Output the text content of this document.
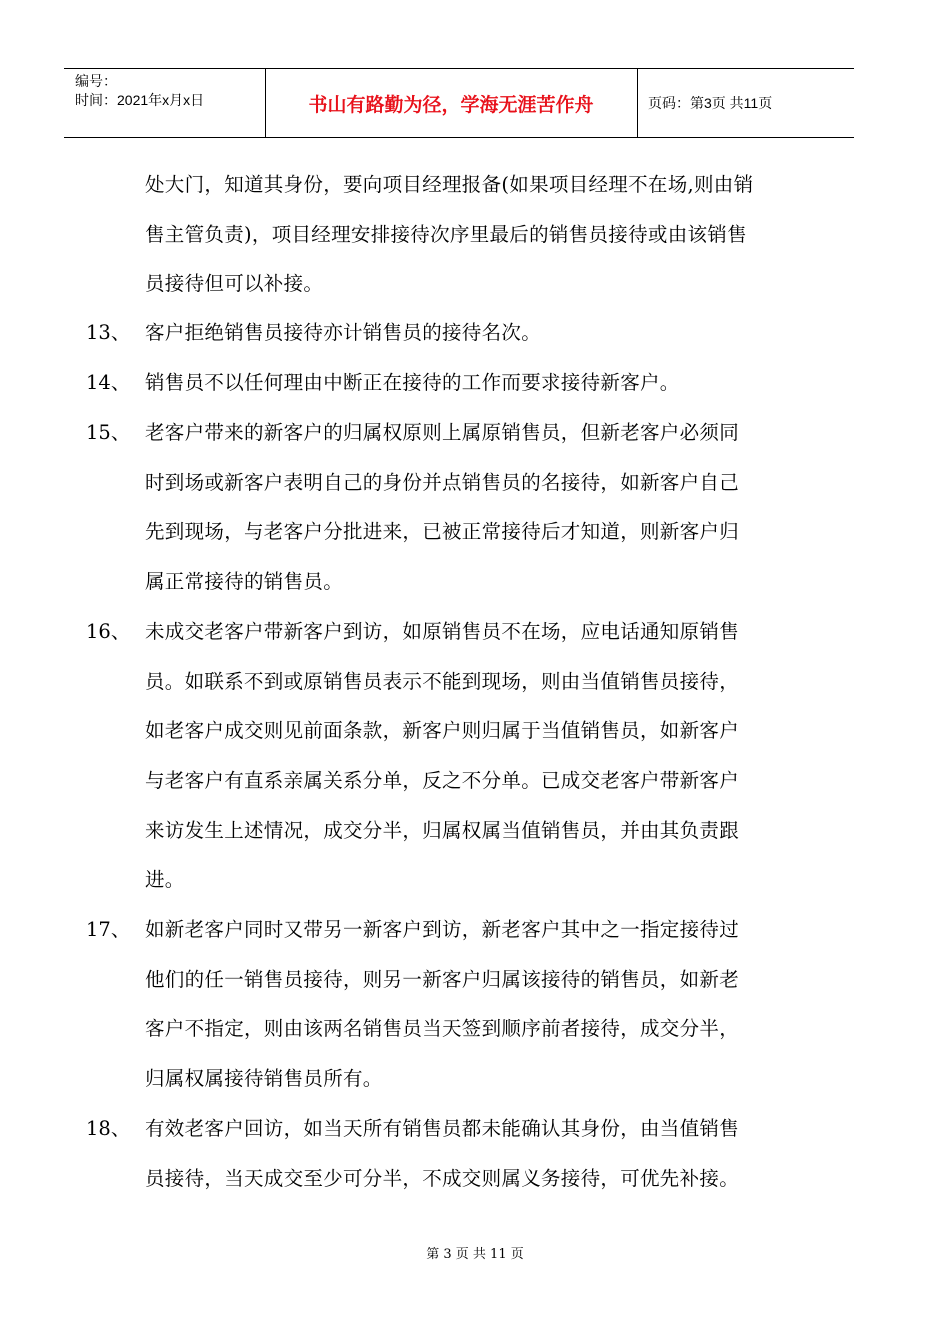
编号：
时间：2021年x月x日	书山有路勤为径，学海无涯苦作舟	页码：第3页 共11页
处大门，知道其身份，要向项目经理报备(如果项目经理不在场,则由销
售主管负责)，项目经理安排接待次序里最后的销售员接待或由该销售
员接待但可以补接。
13、 客户拒绝销售员接待亦计销售员的接待名次。
14、 销售员不以任何理由中断正在接待的工作而要求接待新客户。
15、 老客户带来的新客户的归属权原则上属原销售员，但新老客户必须同
时到场或新客户表明自己的身份并点销售员的名接待，如新客户自己
先到现场，与老客户分批进来，已被正常接待后才知道，则新客户归
属正常接待的销售员。
16、 未成交老客户带新客户到访，如原销售员不在场，应电话通知原销售
员。如联系不到或原销售员表示不能到现场，则由当值销售员接待，
如老客户成交则见前面条款，新客户则归属于当值销售员，如新客户
与老客户有直系亲属关系分单，反之不分单。已成交老客户带新客户
来访发生上述情况，成交分半，归属权属当值销售员，并由其负责跟
进。
17、 如新老客户同时又带另一新客户到访，新老客户其中之一指定接待过
他们的任一销售员接待，则另一新客户归属该接待的销售员，如新老
客户不指定，则由该两名销售员当天签到顺序前者接待，成交分半，
归属权属接待销售员所有。
18、 有效老客户回访，如当天所有销售员都未能确认其身份，由当值销售
员接待，当天成交至少可分半，不成交则属义务接待，可优先补接。
第 3 页 共 11 页
